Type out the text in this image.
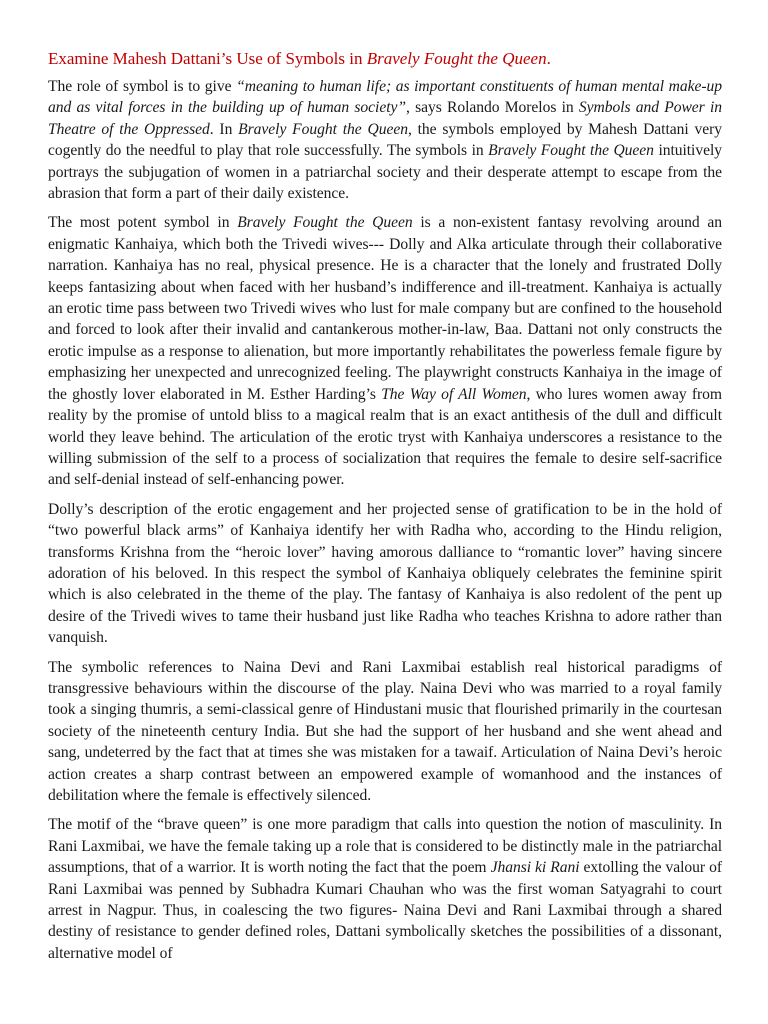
Examine Mahesh Dattani’s Use of Symbols in Bravely Fought the Queen.

The role of symbol is to give “meaning to human life; as important constituents of human mental make-up and as vital forces in the building up of human society”, says Rolando Morelos in Symbols and Power in Theatre of the Oppressed. In Bravely Fought the Queen, the symbols employed by Mahesh Dattani very cogently do the needful to play that role successfully. The symbols in Bravely Fought the Queen intuitively portrays the subjugation of women in a patriarchal society and their desperate attempt to escape from the abrasion that form a part of their daily existence.

The most potent symbol in Bravely Fought the Queen is a non-existent fantasy revolving around an enigmatic Kanhaiya, which both the Trivedi wives--- Dolly and Alka articulate through their collaborative narration. Kanhaiya has no real, physical presence. He is a character that the lonely and frustrated Dolly keeps fantasizing about when faced with her husband’s indifference and ill-treatment. Kanhaiya is actually an erotic time pass between two Trivedi wives who lust for male company but are confined to the household and forced to look after their invalid and cantankerous mother-in-law, Baa. Dattani not only constructs the erotic impulse as a response to alienation, but more importantly rehabilitates the powerless female figure by emphasizing her unexpected and unrecognized feeling. The playwright constructs Kanhaiya in the image of the ghostly lover elaborated in M. Esther Harding’s The Way of All Women, who lures women away from reality by the promise of untold bliss to a magical realm that is an exact antithesis of the dull and difficult world they leave behind. The articulation of the erotic tryst with Kanhaiya underscores a resistance to the willing submission of the self to a process of socialization that requires the female to desire self-sacrifice and self-denial instead of self-enhancing power.

Dolly’s description of the erotic engagement and her projected sense of gratification to be in the hold of “two powerful black arms” of Kanhaiya identify her with Radha who, according to the Hindu religion, transforms Krishna from the “heroic lover” having amorous dalliance to “romantic lover” having sincere adoration of his beloved. In this respect the symbol of Kanhaiya obliquely celebrates the feminine spirit which is also celebrated in the theme of the play. The fantasy of Kanhaiya is also redolent of the pent up desire of the Trivedi wives to tame their husband just like Radha who teaches Krishna to adore rather than vanquish.

The symbolic references to Naina Devi and Rani Laxmibai establish real historical paradigms of transgressive behaviours within the discourse of the play. Naina Devi who was married to a royal family took a singing thumris, a semi-classical genre of Hindustani music that flourished primarily in the courtesan society of the nineteenth century India. But she had the support of her husband and she went ahead and sang, undeterred by the fact that at times she was mistaken for a tawaif. Articulation of Naina Devi’s heroic action creates a sharp contrast between an empowered example of womanhood and the instances of debilitation where the female is effectively silenced.

The motif of the “brave queen” is one more paradigm that calls into question the notion of masculinity. In Rani Laxmibai, we have the female taking up a role that is considered to be distinctly male in the patriarchal assumptions, that of a warrior. It is worth noting the fact that the poem Jhansi ki Rani extolling the valour of Rani Laxmibai was penned by Subhadra Kumari Chauhan who was the first woman Satyagrahi to court arrest in Nagpur. Thus, in coalescing the two figures- Naina Devi and Rani Laxmibai through a shared destiny of resistance to gender defined roles, Dattani symbolically sketches the possibilities of a dissonant, alternative model of
